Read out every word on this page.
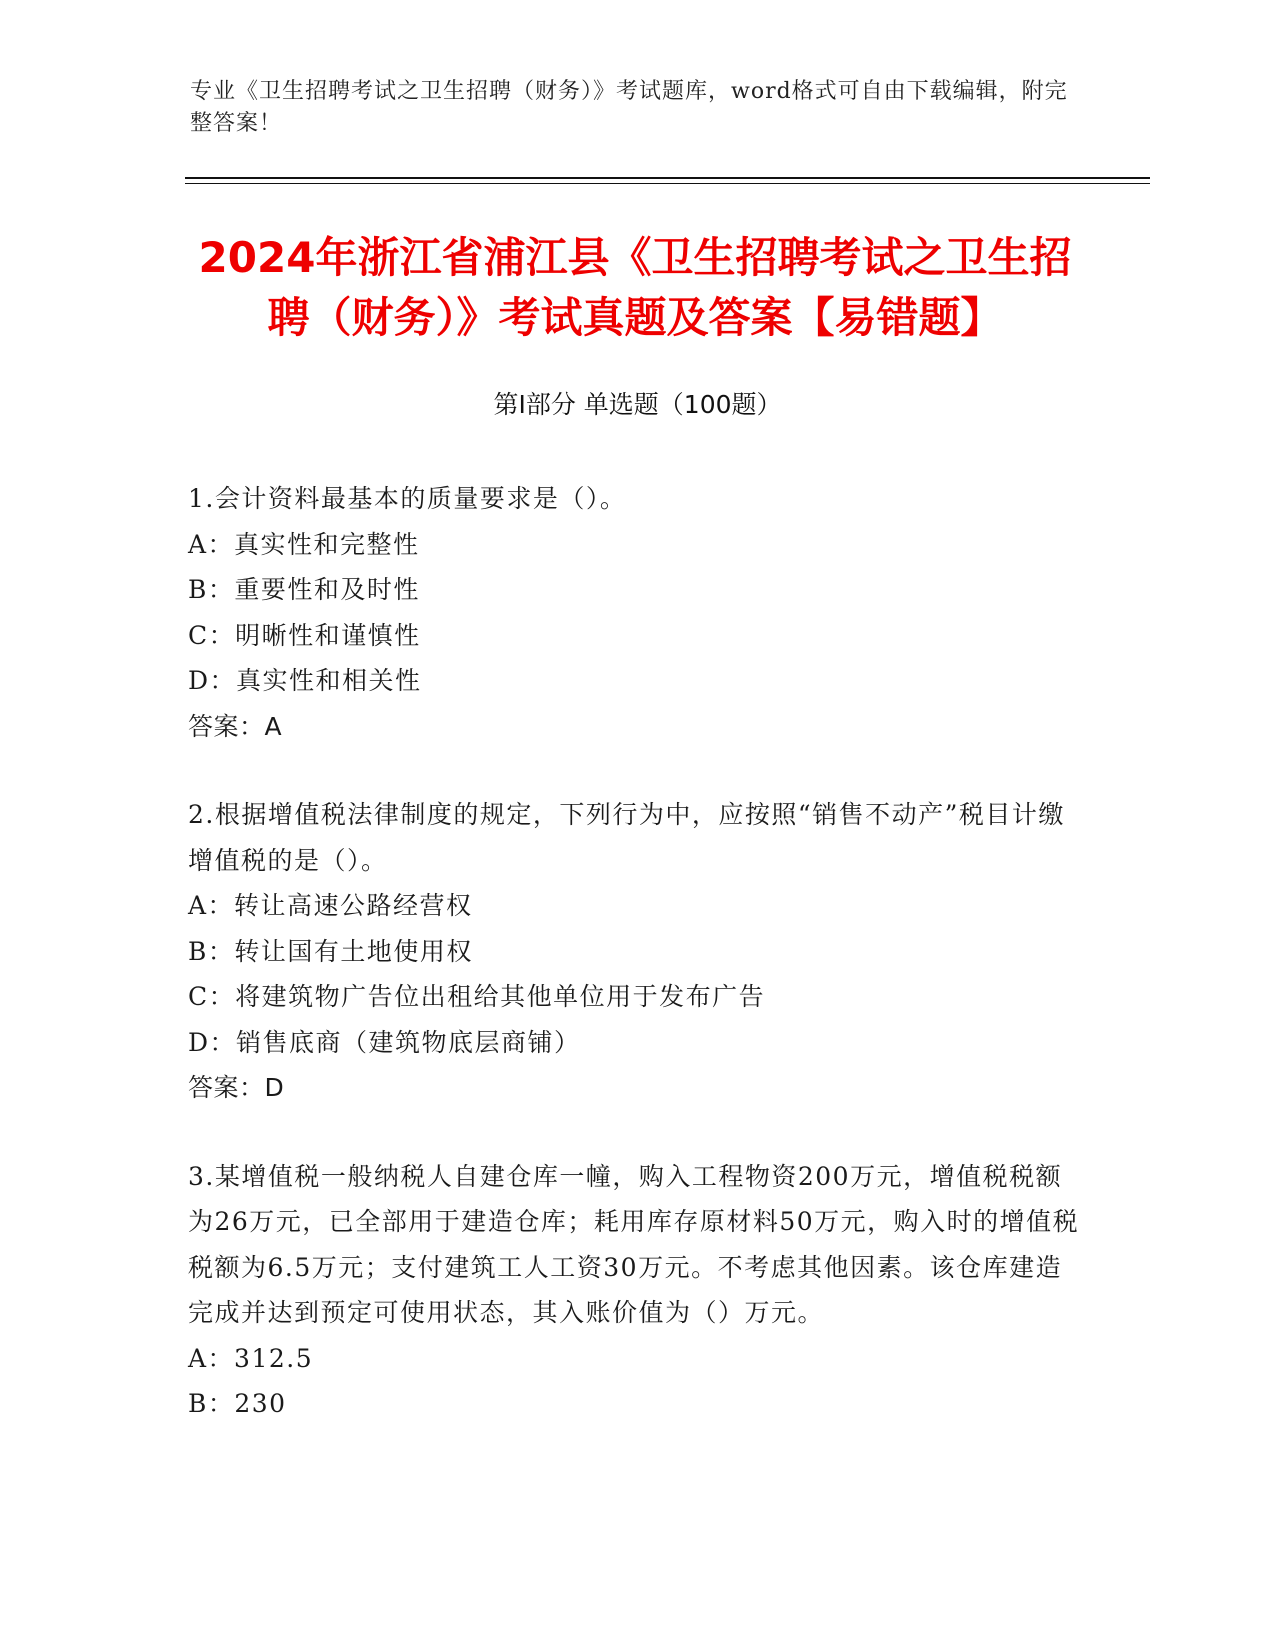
专业《卫生招聘考试之卫生招聘（财务）》考试题库，word格式可自由下载编辑，附完整答案！
2024年浙江省浦江县《卫生招聘考试之卫生招聘（财务）》考试真题及答案【易错题】
第I部分 单选题（100题）
1.会计资料最基本的质量要求是（）。
A：真实性和完整性
B：重要性和及时性
C：明晰性和谨慎性
D：真实性和相关性
答案：A
2.根据增值税法律制度的规定，下列行为中，应按照“销售不动产”税目计缴增值税的是（）。
A：转让高速公路经营权
B：转让国有土地使用权
C：将建筑物广告位出租给其他单位用于发布广告
D：销售底商（建筑物底层商铺）
答案：D
3.某增值税一般纳税人自建仓库一幢，购入工程物资200万元，增值税税额为26万元，已全部用于建造仓库；耗用库存原材料50万元，购入时的增值税税额为6.5万元；支付建筑工人工资30万元。不考虑其他因素。该仓库建造完成并达到预定可使用状态，其入账价值为（）万元。
A：312.5
B：230
